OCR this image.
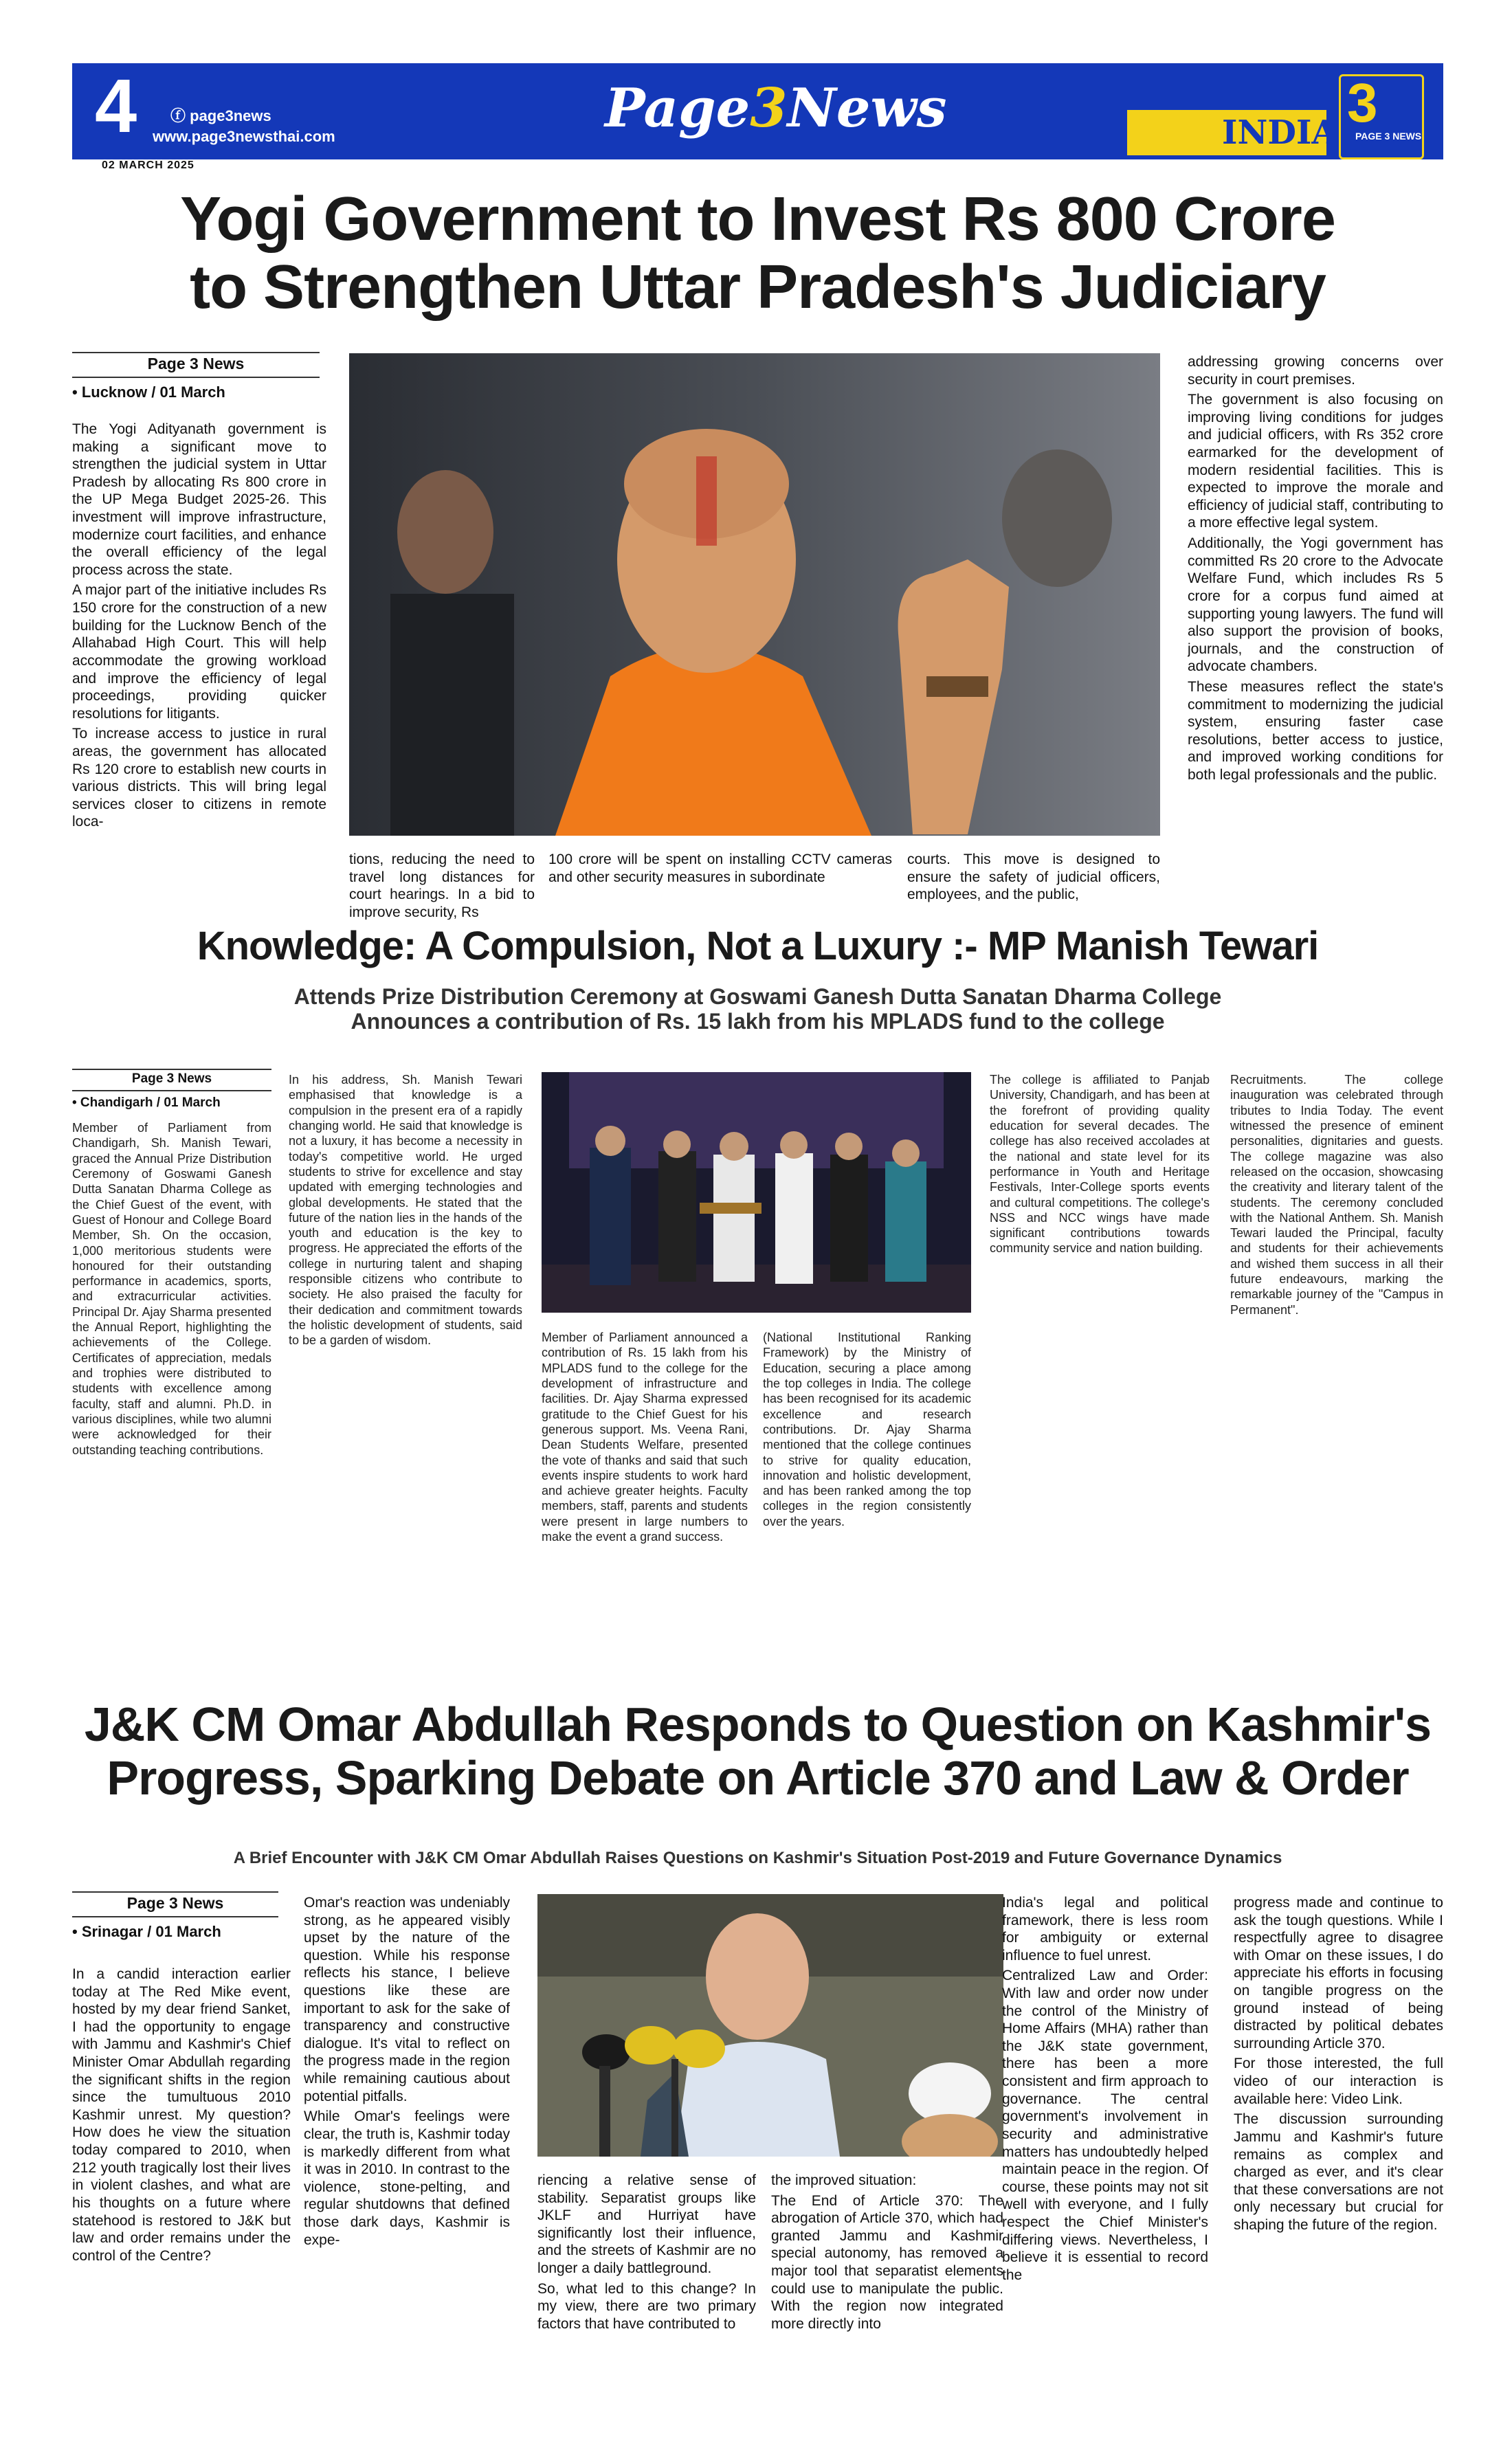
4 ⓕ page3news
www.page3newsthai.com	Page3News	INDIA 3
PAGE 3 NEWS
02 MARCH 2025
Yogi Government to Invest Rs 800 Crore
to Strengthen Uttar Pradesh's Judiciary
Page 3 News
• Lucknow / 01 March

The Yogi Adityanath government is making a significant move to strengthen the judicial system in Uttar Pradesh by allocating Rs 800 crore in the UP Mega Budget 2025-26. This investment will improve infrastructure, modernize court facilities, and enhance the overall efficiency of the legal process across the state.

A major part of the initiative includes Rs 150 crore for the construction of a new building for the Lucknow Bench of the Allahabad High Court. This will help accommodate the growing workload and improve the efficiency of legal proceedings, providing quicker resolutions for litigants.

To increase access to justice in rural areas, the government has allocated Rs 120 crore to establish new courts in various districts. This will bring legal services closer to citizens in remote loca-

tions, reducing the need to travel long distances for court hearings. In a bid to improve security, Rs
100 crore will be spent on installing CCTV cameras and other security measures in subordinate
courts. This move is designed to ensure the safety of judicial officers, employees, and the public,

addressing growing concerns over security in court premises.

The government is also focusing on improving living conditions for judges and judicial officers, with Rs 352 crore earmarked for the development of modern residential facilities. This is expected to improve the morale and efficiency of judicial staff, contributing to a more effective legal system.

Additionally, the Yogi government has committed Rs 20 crore to the Advocate Welfare Fund, which includes Rs 5 crore for a corpus fund aimed at supporting young lawyers. The fund will also support the provision of books, journals, and the construction of advocate chambers.

These measures reflect the state's commitment to modernizing the judicial system, ensuring faster case resolutions, better access to justice, and improved working conditions for both legal professionals and the public.

Knowledge: A Compulsion, Not a Luxury :- MP Manish Tewari
Attends Prize Distribution Ceremony at Goswami Ganesh Dutta Sanatan Dharma College
Announces a contribution of Rs. 15 lakh from his MPLADS fund to the college
Page 3 News
• Chandigarh / 01 March
Member of Parliament from Chandigarh, Sh. Manish Tewari, graced the Annual Prize Distribution Ceremony of Goswami Ganesh Dutta Sanatan Dharma College as the Chief Guest of the event, with Guest of Honour and College Board Member, Sh. On the occasion, 1,000 meritorious students were honoured for their outstanding performance in academics, sports, and extracurricular activities. Principal Dr. Ajay Sharma presented the Annual Report, highlighting the achievements of the College. Certificates of appreciation, medals and trophies were distributed to students with excellence among faculty, staff and alumni. Ph.D. in various disciplines, while two alumni were acknowledged for their outstanding teaching contributions.
In his address, Sh. Manish Tewari emphasised that knowledge is a compulsion in the present era of a rapidly changing world. He said that knowledge is not a luxury, it has become a necessity in today's competitive world. He urged students to strive for excellence and stay updated with emerging technologies and global developments. He stated that the future of the nation lies in the hands of the youth and education is the key to progress. He appreciated the efforts of the college in nurturing talent and shaping responsible citizens who contribute to society. He also praised the faculty for their dedication and commitment towards the holistic development of students, said to be a garden of wisdom.	Member of Parliament announced a contribution of Rs. 15 lakh from his MPLADS fund to the college for the development of infrastructure and facilities. Dr. Ajay Sharma expressed gratitude to the Chief Guest for his generous support. Ms. Veena Rani, Dean Students Welfare, presented the vote of thanks and said that such events inspire students to work hard and achieve greater heights. Faculty members, staff, parents and students were present in large numbers to make the event a grand success.
(National Institutional Ranking Framework) by the Ministry of Education, securing a place among the top colleges in India. The college has been recognised for its academic excellence and research contributions. Dr. Ajay Sharma mentioned that the college continues to strive for quality education, innovation and holistic development, and has been ranked among the top colleges in the region consistently over the years.
The college is affiliated to Panjab University, Chandigarh, and has been at the forefront of providing quality education for several decades. The college has also received accolades at the national and state level for its performance in Youth and Heritage Festivals, Inter-College sports events and cultural competitions. The college's NSS and NCC wings have made significant contributions towards community service and nation building.
Recruitments. The college inauguration was celebrated through tributes to India Today. The event witnessed the presence of eminent personalities, dignitaries and guests. The college magazine was also released on the occasion, showcasing the creativity and literary talent of the students. The ceremony concluded with the National Anthem. Sh. Manish Tewari lauded the Principal, faculty and students for their achievements and wished them success in all their future endeavours, marking the remarkable journey of the "Campus in Permanent".
J&K CM Omar Abdullah Responds to Question on Kashmir's
Progress, Sparking Debate on Article 370 and Law & Order
A Brief Encounter with J&K CM Omar Abdullah Raises Questions on Kashmir's Situation Post-2019 and Future Governance Dynamics
Page 3 News
• Srinagar / 01 March

In a candid interaction earlier today at The Red Mike event, hosted by my dear friend Sanket, I had the opportunity to engage with Jammu and Kashmir's Chief Minister Omar Abdullah regarding the significant shifts in the region since the tumultuous 2010 Kashmir unrest. My question? How does he view the situation today compared to 2010, when 212 youth tragically lost their lives in violent clashes, and what are his thoughts on a future where statehood is restored to J&K but law and order remains under the control of the Centre?

Omar's reaction was undeniably strong, as he appeared visibly upset by the nature of the question. While his response reflects his stance, I believe questions like these are important to ask for the sake of transparency and constructive dialogue. It's vital to reflect on the progress made in the region while remaining cautious about potential pitfalls.

While Omar's feelings were clear, the truth is, Kashmir today is markedly different from what it was in 2010. In contrast to the violence, stone-pelting, and regular shutdowns that defined those dark days, Kashmir is expe-

riencing a relative sense of stability. Separatist groups like JKLF and Hurriyat have significantly lost their influence, and the streets of Kashmir are no longer a daily battleground.

So, what led to this change? In my view, there are two primary factors that have contributed to

the improved situation:

The End of Article 370: The abrogation of Article 370, which had granted Jammu and Kashmir special autonomy, has removed a major tool that separatist elements could use to manipulate the public. With the region now integrated more directly into

India's legal and political framework, there is less room for ambiguity or external influence to fuel unrest.

Centralized Law and Order: With law and order now under the control of the Ministry of Home Affairs (MHA) rather than the J&K state government, there has been a more consistent and firm approach to governance. The central government's involvement in security and administrative matters has undoubtedly helped maintain peace in the region. Of course, these points may not sit well with everyone, and I fully respect the Chief Minister's differing views. Nevertheless, I believe it is essential to record the

progress made and continue to ask the tough questions. While I respectfully agree to disagree with Omar on these issues, I do appreciate his efforts in focusing on tangible progress on the ground instead of being distracted by political debates surrounding Article 370.

For those interested, the full video of our interaction is available here: Video Link.

The discussion surrounding Jammu and Kashmir's future remains as complex and charged as ever, and it's clear that these conversations are not only necessary but crucial for shaping the future of the region.
